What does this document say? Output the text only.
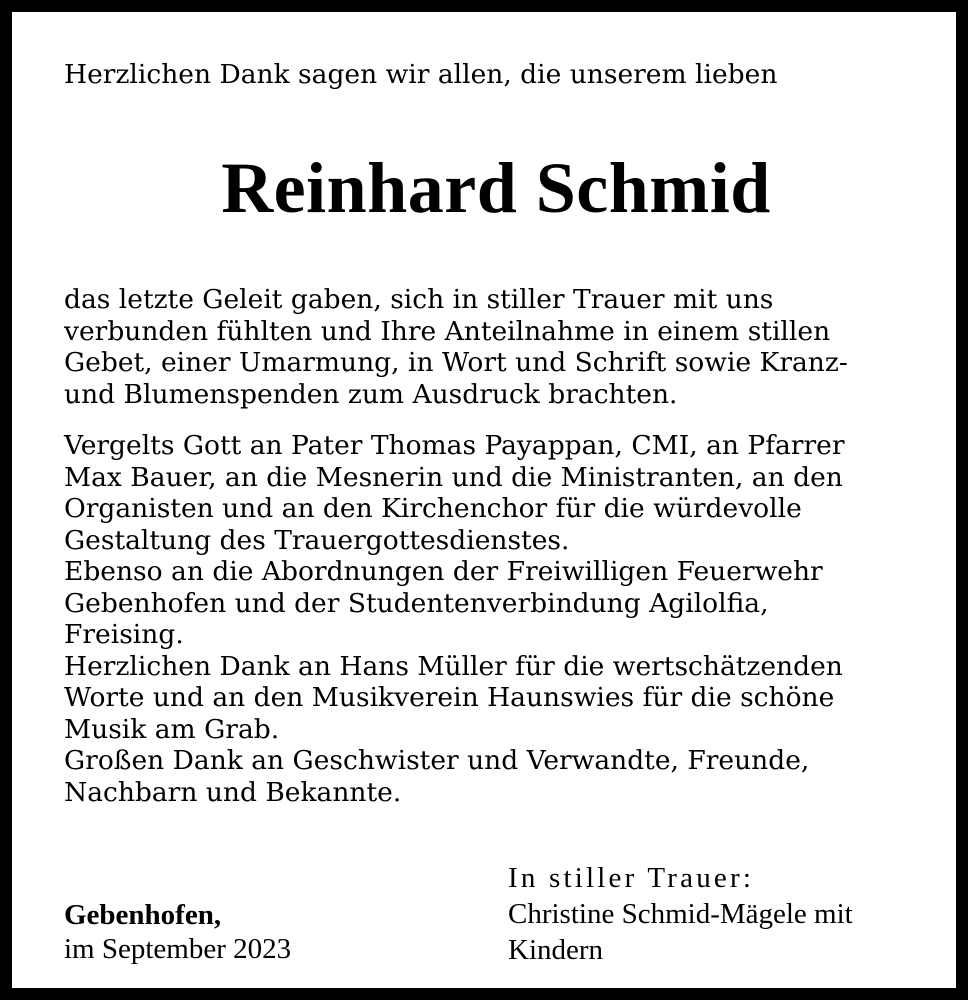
Herzlichen Dank sagen wir allen, die unserem lieben

Reinhard Schmid
das letzte Geleit gaben, sich in stiller Trauer mit uns
verbunden fühlten und Ihre Anteilnahme in einem stillen
Gebet, einer Umarmung, in Wort und Schrift sowie Kranz-
und Blumenspenden zum Ausdruck brachten.
Vergelts Gott an Pater Thomas Payappan, CMI, an Pfarrer
Max Bauer, an die Mesnerin und die Ministranten, an den
Organisten und an den Kirchenchor für die würdevolle
Gestaltung des Trauergottesdienstes.
Ebenso an die Abordnungen der Freiwilligen Feuerwehr
Gebenhofen und der Studentenverbindung Agilolfia,
Freising.
Herzlichen Dank an Hans Müller für die wertschätzenden
Worte und an den Musikverein Haunswies für die schöne
Musik am Grab.
Großen Dank an Geschwister und Verwandte, Freunde,
Nachbarn und Bekannte.
Gebenhofen,
im September 2023
In stiller Trauer:
Christine Schmid-Mägele mit
Kindern
